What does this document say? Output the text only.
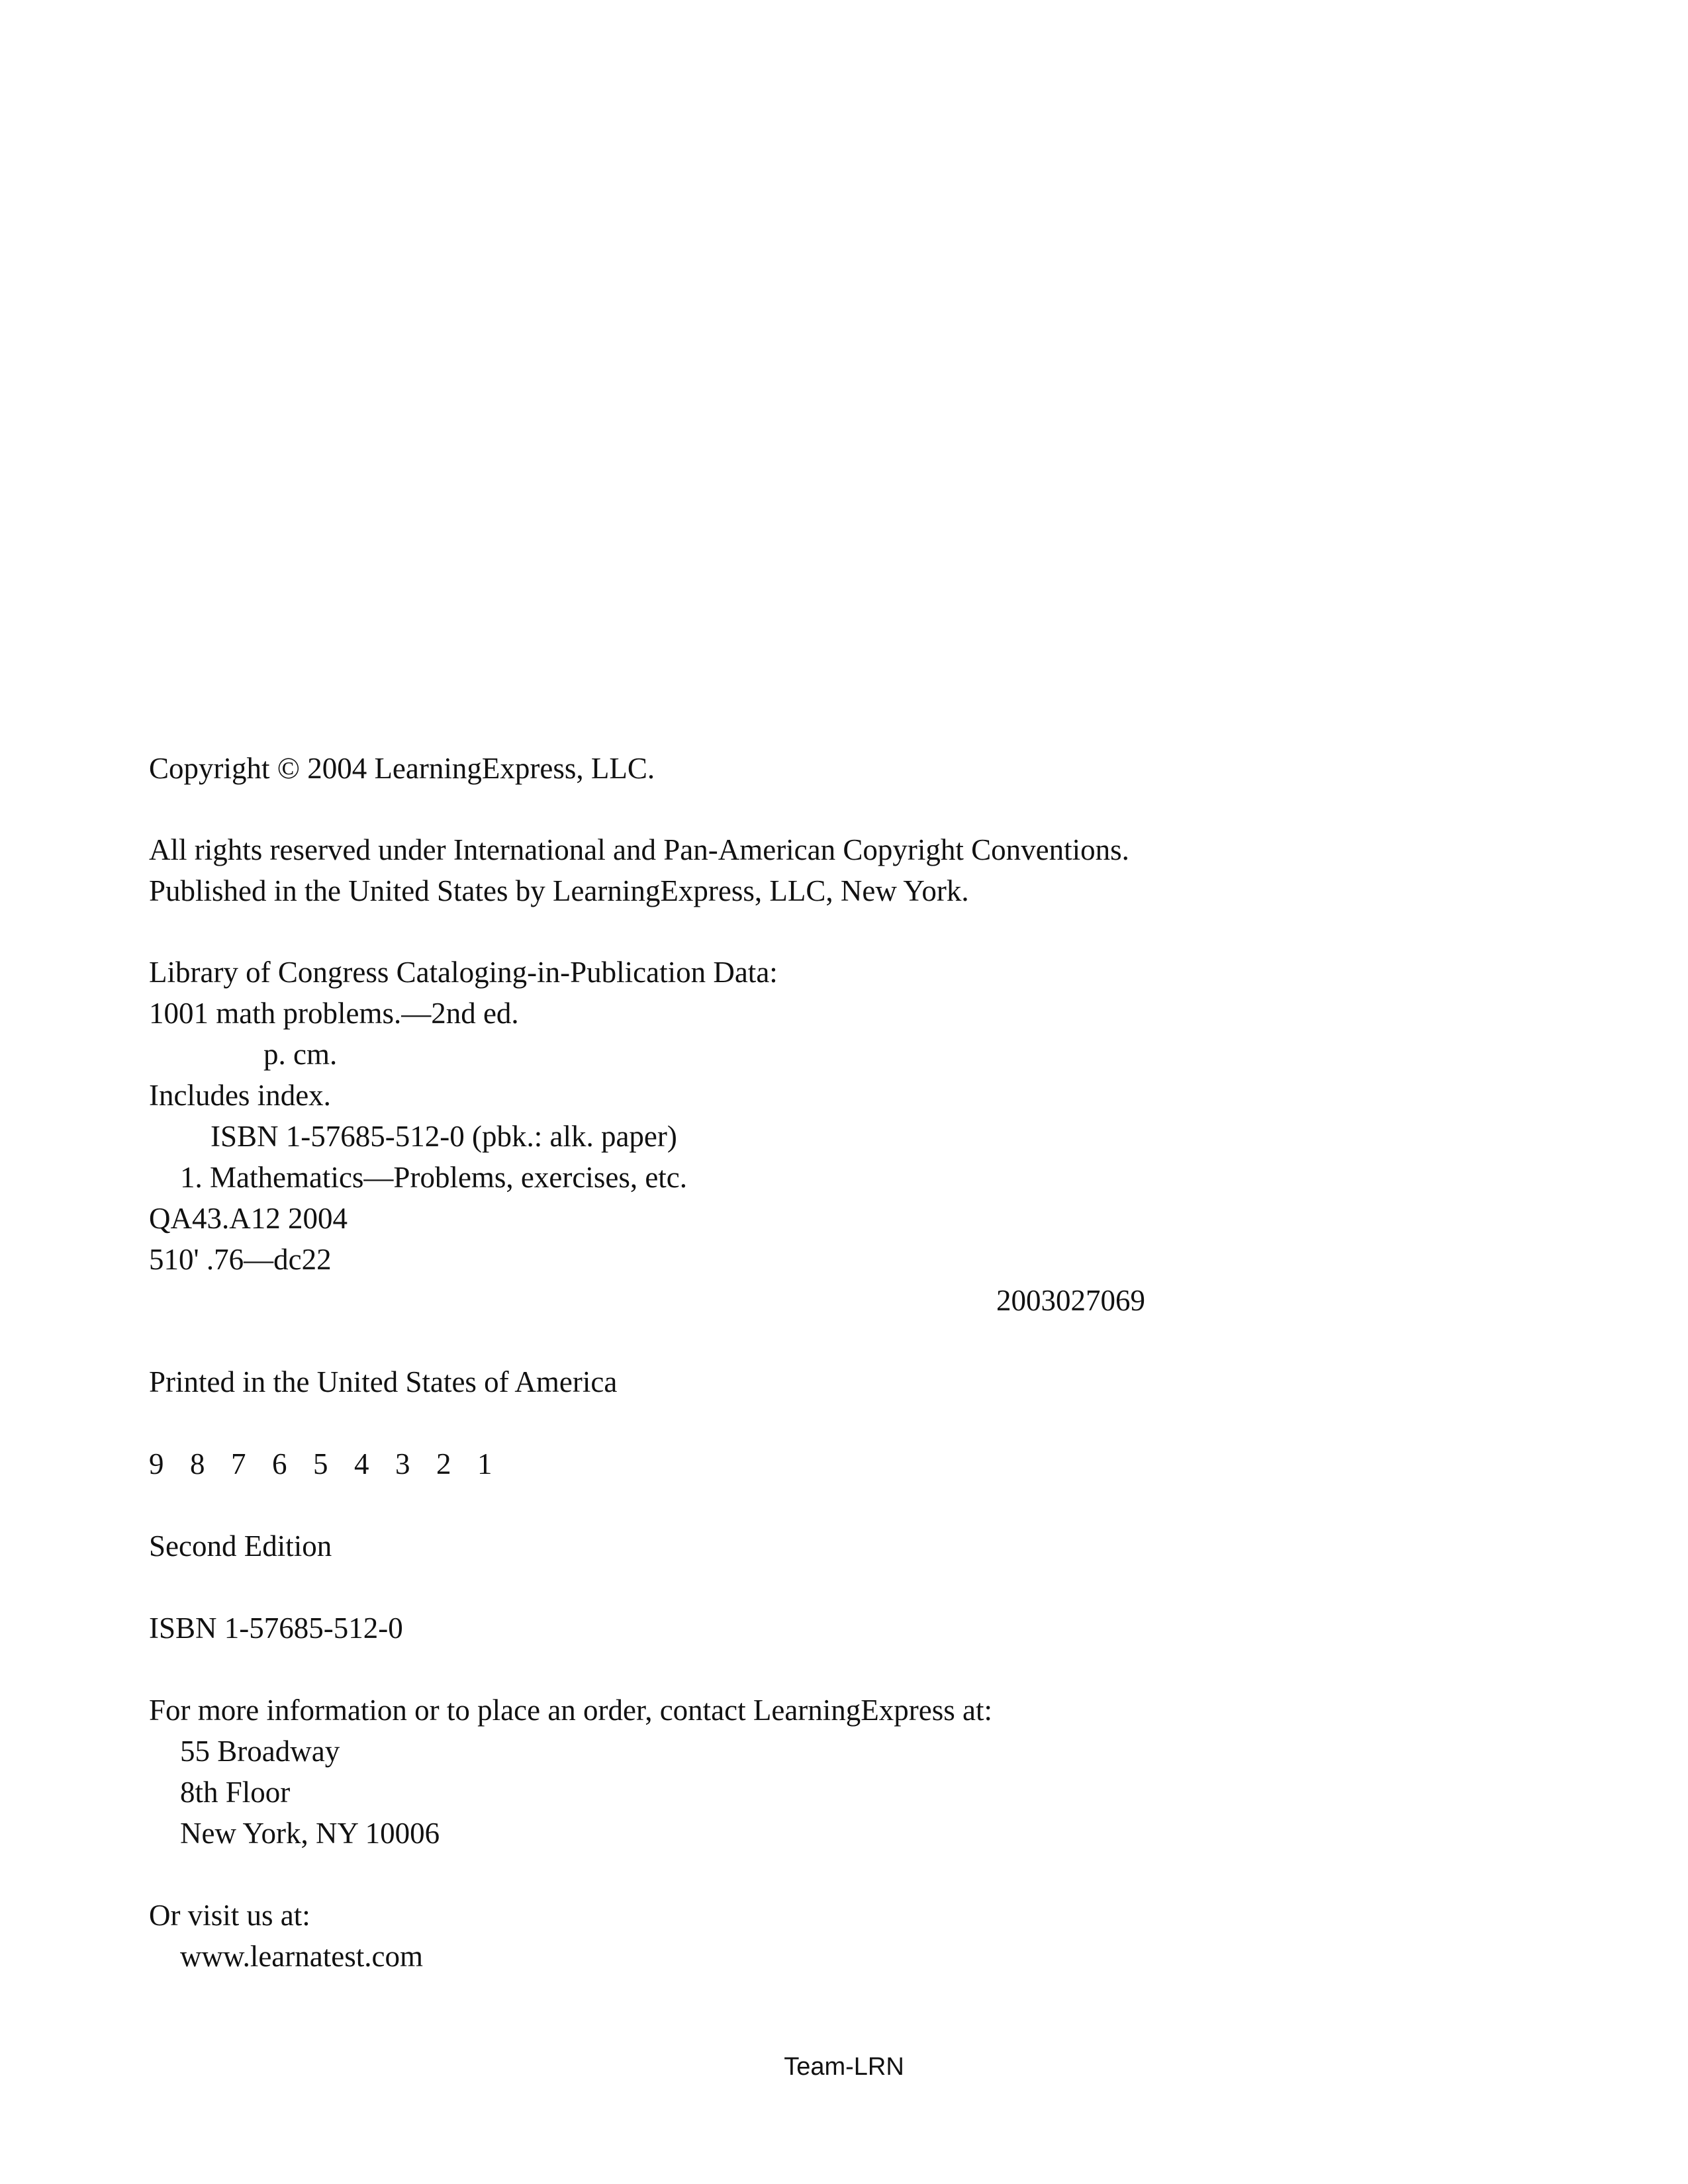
Copyright © 2004 LearningExpress, LLC.
All rights reserved under International and Pan-American Copyright Conventions.
Published in the United States by LearningExpress, LLC, New York.
Library of Congress Cataloging-in-Publication Data:
1001 math problems.—2nd ed.
p. cm.
Includes index.
ISBN 1-57685-512-0 (pbk.: alk. paper)
1. Mathematics—Problems, exercises, etc.
QA43.A12 2004
510' .76—dc22
2003027069
Printed in the United States of America
9 8 7 6 5 4 3 2 1
Second Edition
ISBN 1-57685-512-0
For more information or to place an order, contact LearningExpress at:
55 Broadway
8th Floor
New York, NY 10006
Or visit us at:
www.learnatest.com
Team-LRN
